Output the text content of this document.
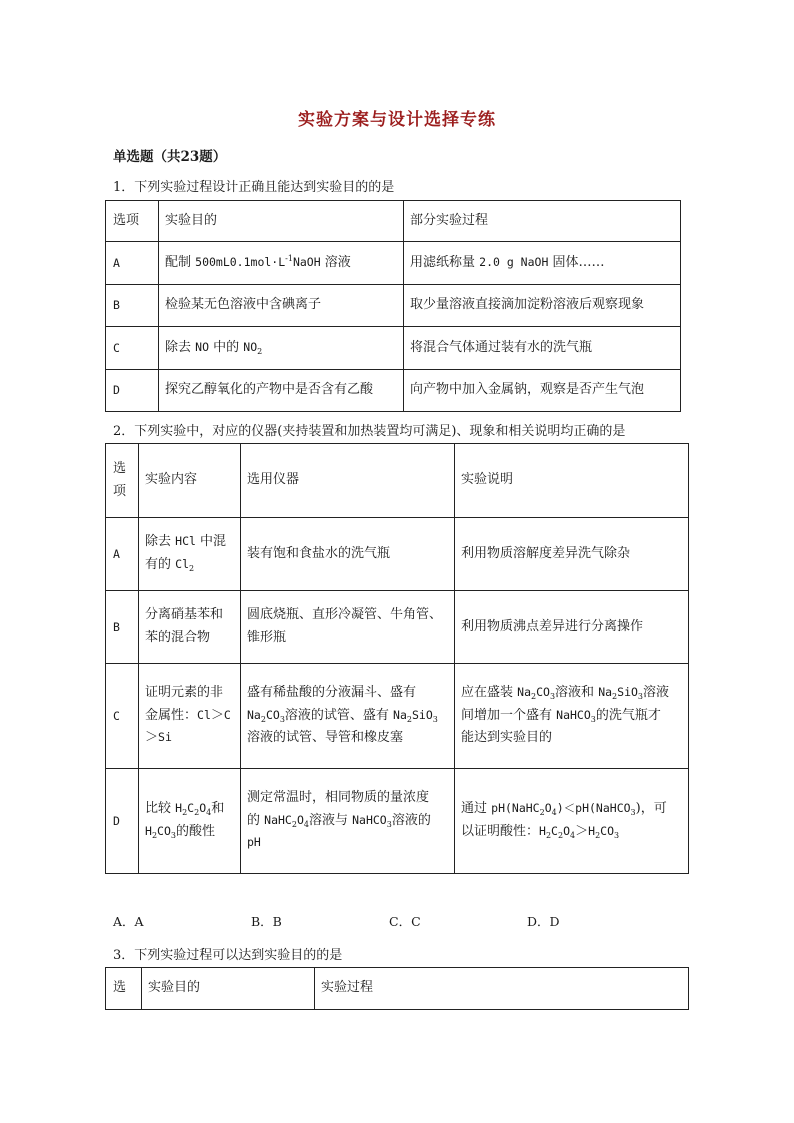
实验方案与设计选择专练
单选题（共23题）
1．下列实验过程设计正确且能达到实验目的的是
选项	实验目的	部分实验过程
A	配制 $500mL0.1mol\cdot L^{-1}NaOH$ 溶液	用滤纸称量 2.0 g NaOH 固体……
B	检验某无色溶液中含碘离子	取少量溶液直接滴加淀粉溶液后观察现象
C	除去 NO 中的 $NO_2$	将混合气体通过装有水的洗气瓶
D	探究乙醇氧化的产物中是否含有乙酸	向产物中加入金属钠，观察是否产生气泡
2．下列实验中，对应的仪器(夹持装置和加热装置均可满足)、现象和相关说明均正确的是
选
项	实验内容	选用仪器	实验说明
A	除去 HCl 中混
有的 $Cl_2$	装有饱和食盐水的洗气瓶	利用物质溶解度差异洗气除杂

B	分离硝基苯和
苯的混合物	圆底烧瓶、直形冷凝管、牛角管、
锥形瓶	利用物质沸点差异进行分离操作

C	证明元素的非
金属性：Cl＞C
＞Si	盛有稀盐酸的分液漏斗、盛有
$Na_2CO_3$溶液的试管、盛有 $Na_2SiO_3$
溶液的试管、导管和橡皮塞	应在盛装 $Na_2CO_3$溶液和 $Na_2SiO_3$溶液
间增加一个盛有 NaHCO$_3$的洗气瓶才
能达到实验目的

D	比较 $H_2C_2O_4$和
$H_2CO_3$的酸性	测定常温时，相同物质的量浓度
的 $NaHC_2O_4$溶液与 NaHCO$_3$溶液的
pH	通过 $pH(NaHC_2O_4)<pH(NaHCO_3)$，可
以证明酸性：$H_2C_2O_4>H_2CO_3$
A．A	B．B	C．C	D．D
3．下列实验过程可以达到实验目的的是
选	实验目的	实验过程
